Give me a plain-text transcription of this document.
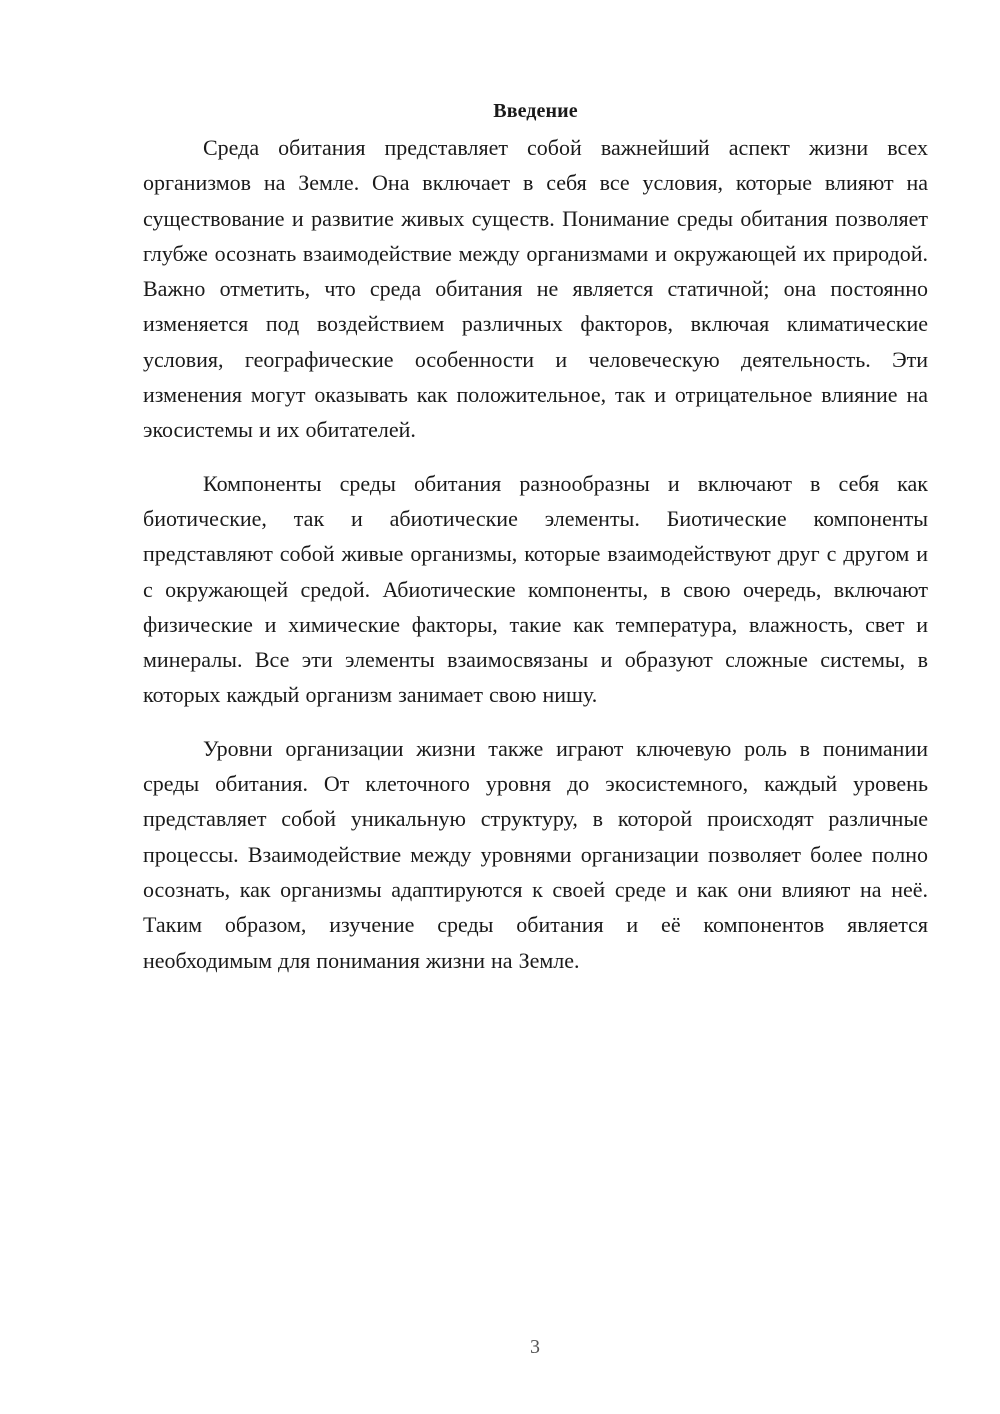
Введение

Среда обитания представляет собой важнейший аспект жизни всех организмов на Земле. Она включает в себя все условия, которые влияют на существование и развитие живых существ. Понимание среды обитания позволяет глубже осознать взаимодействие между организмами и окружающей их природой. Важно отметить, что среда обитания не является статичной; она постоянно изменяется под воздействием различных факторов, включая климатические условия, географические особенности и человеческую деятельность. Эти изменения могут оказывать как положительное, так и отрицательное влияние на экосистемы и их обитателей.

Компоненты среды обитания разнообразны и включают в себя как биотические, так и абиотические элементы. Биотические компоненты представляют собой живые организмы, которые взаимодействуют друг с другом и с окружающей средой. Абиотические компоненты, в свою очередь, включают физические и химические факторы, такие как температура, влажность, свет и минералы. Все эти элементы взаимосвязаны и образуют сложные системы, в которых каждый организм занимает свою нишу.

Уровни организации жизни также играют ключевую роль в понимании среды обитания. От клеточного уровня до экосистемного, каждый уровень представляет собой уникальную структуру, в которой происходят различные процессы. Взаимодействие между уровнями организации позволяет более полно осознать, как организмы адаптируются к своей среде и как они влияют на неё. Таким образом, изучение среды обитания и её компонентов является необходимым для понимания жизни на Земле.

3
